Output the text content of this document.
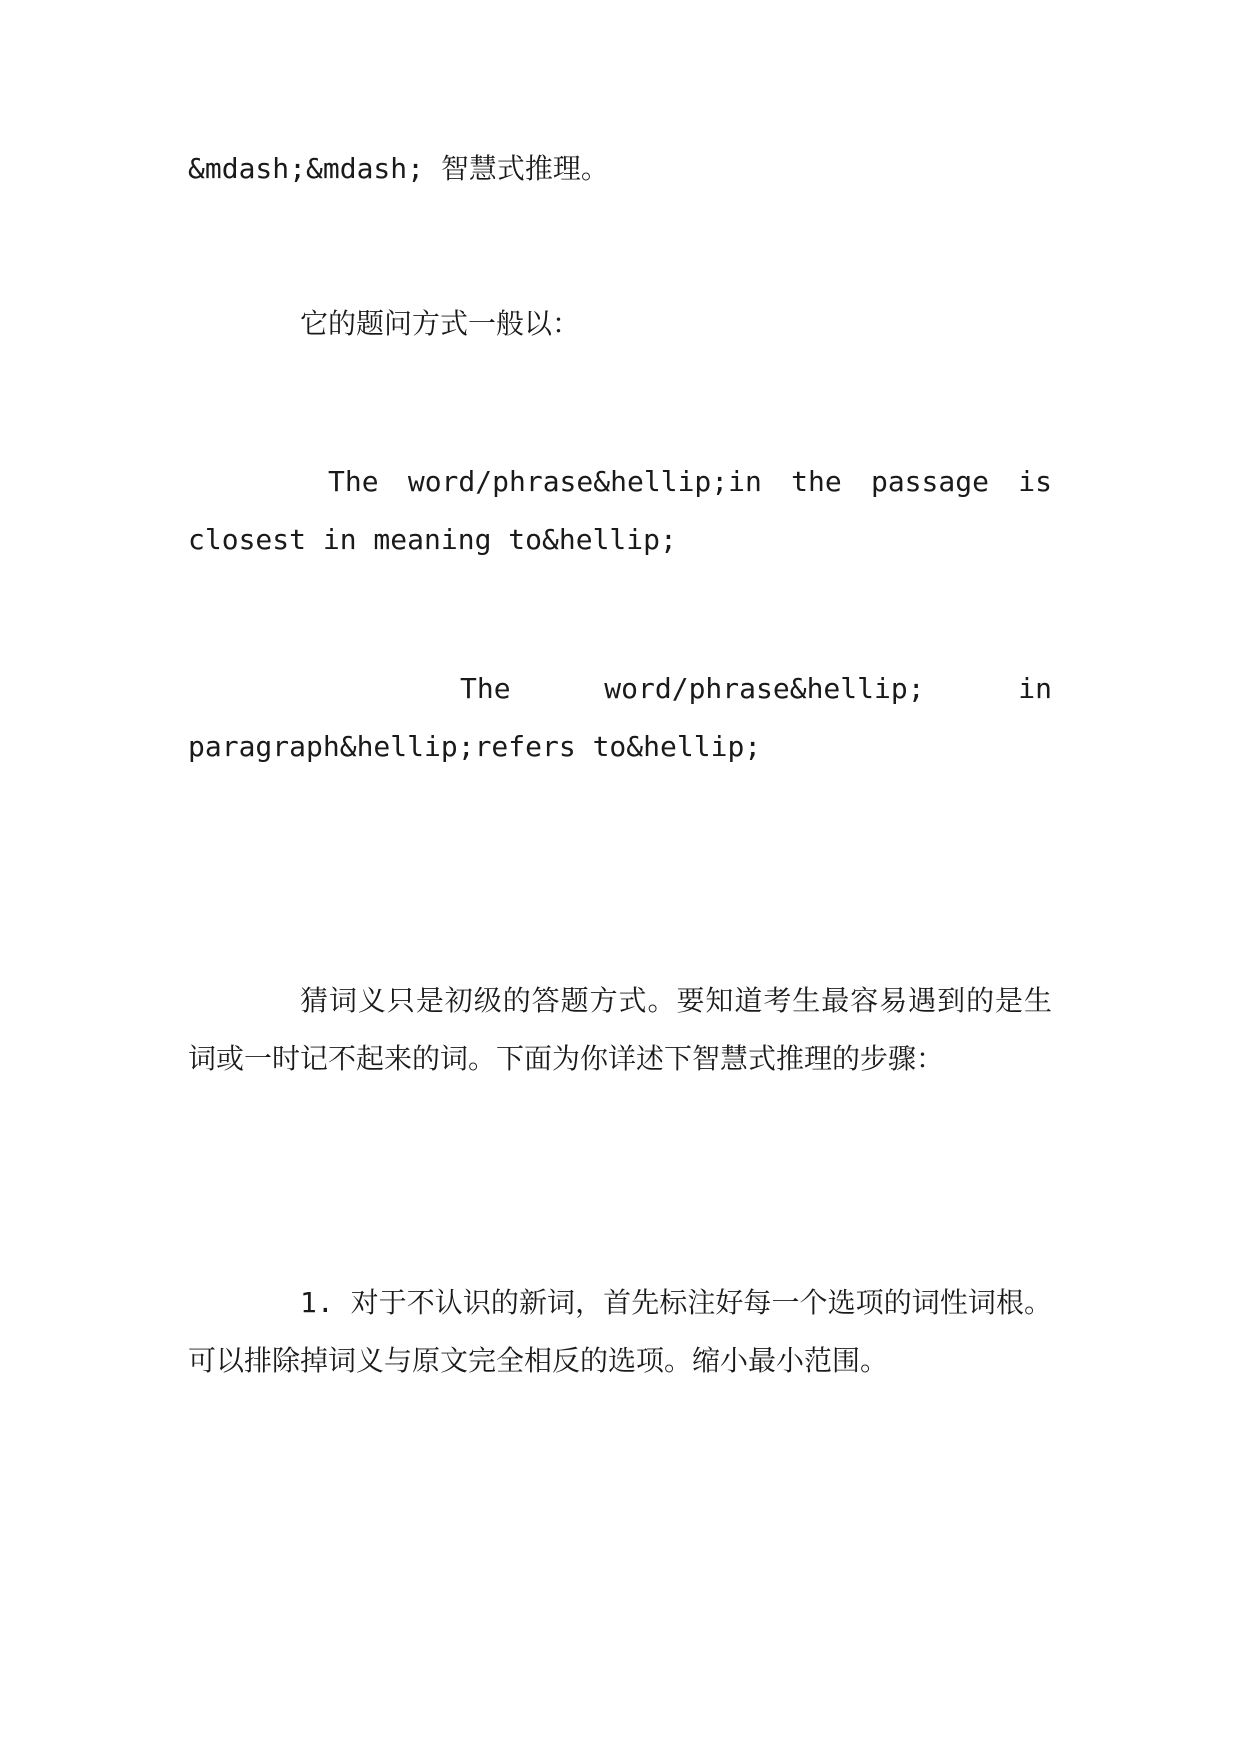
&mdash;&mdash; 智慧式推理。

它的题问方式一般以：

The word/phrase&hellip;in the passage is
closest in meaning to&hellip;
The	word/phrase&hellip;	in
paragraph&hellip;refers to&hellip;

猜词义只是初级的答题方式。要知道考生最容易遇到的是生词或一时记不起来的词。下面为你详述下智慧式推理的步骤：

1. 对于不认识的新词，首先标注好每一个选项的词性词根。可以排除掉词义与原文完全相反的选项。缩小最小范围。
